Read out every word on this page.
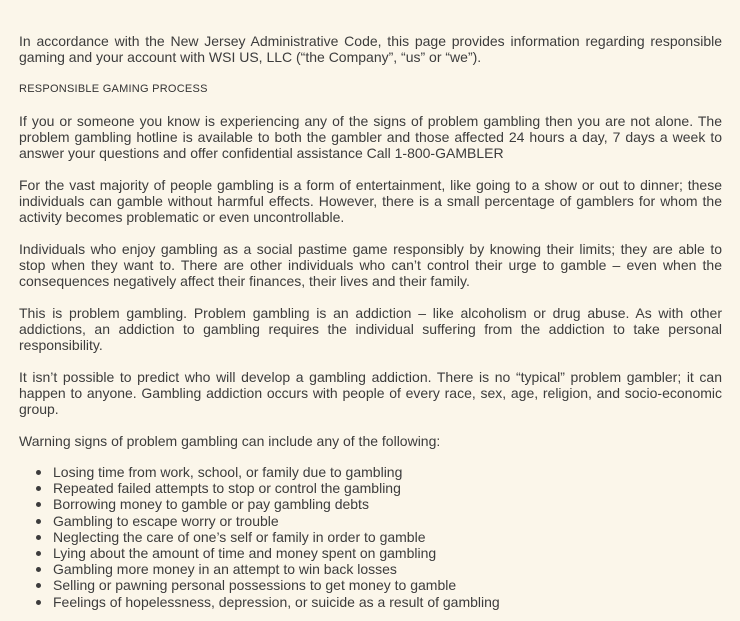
In accordance with the New Jersey Administrative Code, this page provides information regarding responsible gaming and your account with WSI US, LLC (“the Company”, “us” or “we”).

RESPONSIBLE GAMING PROCESS

If you or someone you know is experiencing any of the signs of problem gambling then you are not alone. The problem gambling hotline is available to both the gambler and those affected 24 hours a day, 7 days a week to answer your questions and offer confidential assistance Call 1-800-GAMBLER

For the vast majority of people gambling is a form of entertainment, like going to a show or out to dinner; these individuals can gamble without harmful effects. However, there is a small percentage of gamblers for whom the activity becomes problematic or even uncontrollable.

Individuals who enjoy gambling as a social pastime game responsibly by knowing their limits; they are able to stop when they want to. There are other individuals who can’t control their urge to gamble – even when the consequences negatively affect their finances, their lives and their family.

This is problem gambling. Problem gambling is an addiction – like alcoholism or drug abuse. As with other addictions, an addiction to gambling requires the individual suffering from the addiction to take personal responsibility.

It isn’t possible to predict who will develop a gambling addiction. There is no “typical” problem gambler; it can happen to anyone. Gambling addiction occurs with people of every race, sex, age, religion, and socio-economic group.

Warning signs of problem gambling can include any of the following:

Losing time from work, school, or family due to gambling
Repeated failed attempts to stop or control the gambling
Borrowing money to gamble or pay gambling debts
Gambling to escape worry or trouble
Neglecting the care of one’s self or family in order to gamble
Lying about the amount of time and money spent on gambling
Gambling more money in an attempt to win back losses
Selling or pawning personal possessions to get money to gamble
Feelings of hopelessness, depression, or suicide as a result of gambling
